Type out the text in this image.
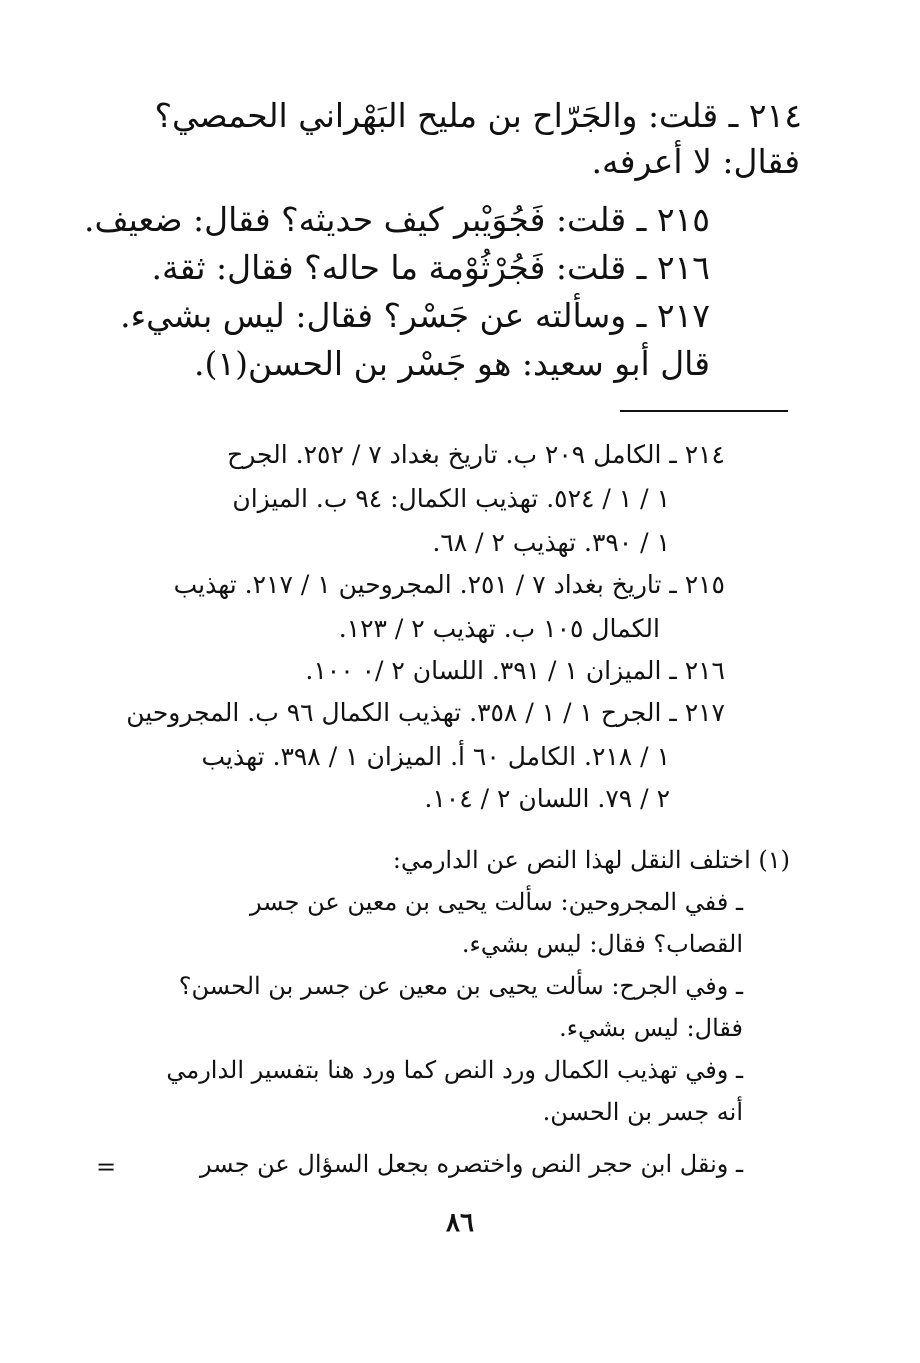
٢١٤ ـ قلت: والجَرّاح بن مليح البَهْراني الحمصي؟
فقال: لا أعرفه.
٢١٥ ـ قلت: فَجُوَيْبر كيف حديثه؟ فقال: ضعيف.
٢١٦ ـ قلت: فَجُرْثُوْمة ما حاله؟ فقال: ثقة.
٢١٧ ـ وسألته عن جَسْر؟ فقال: ليس بشيء.
قال أبو سعيد: هو جَسْر بن الحسن(١).
٢١٤ ـ الكامل ٢٠٩ ب. تاريخ بغداد ٧ / ٢٥٢. الجرح
١ / ١ / ٥٢٤. تهذيب الكمال: ٩٤ ب. الميزان
١ / ٣٩٠. تهذيب ٢ / ٦٨.
٢١٥ ـ تاريخ بغداد ٧ / ٢٥١. المجروحين ١ / ٢١٧. تهذيب
الكمال ١٠٥ ب. تهذيب ٢ / ١٢٣.
٢١٦ ـ الميزان ١ / ٣٩١. اللسان ٢ /٠ ١٠٠.
٢١٧ ـ الجرح ١ / ١ / ٣٥٨. تهذيب الكمال ٩٦ ب. المجروحين
١ / ٢١٨. الكامل ٦٠ أ. الميزان ١ / ٣٩٨. تهذيب
٢ / ٧٩. اللسان ٢ / ١٠٤.
(١) اختلف النقل لهذا النص عن الدارمي:
ـ ففي المجروحين: سألت يحيى بن معين عن جسر
القصاب؟ فقال: ليس بشيء.
ـ وفي الجرح: سألت يحيى بن معين عن جسر بن الحسن؟
فقال: ليس بشيء.
ـ وفي تهذيب الكمال ورد النص كما ورد هنا بتفسير الدارمي
أنه جسر بن الحسن.
ـ ونقل ابن حجر النص واختصره بجعل السؤال عن جسر
=
٨٦
